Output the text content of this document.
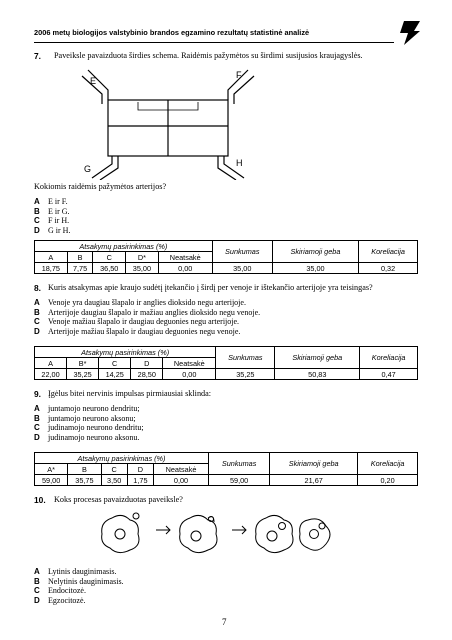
2006 metų biologijos valstybinio brandos egzamino rezultatų statistinė analizė
7. Paveiksle pavaizduota širdies schema. Raidėmis pažymėtos su širdimi susijusios kraujagyslės.
E
F
G
H
Kokiomis raidėmis pažymėtos arterijos?
A E ir F.
B E ir G.
C F ir H.
D G ir H.
Atsakymų pasirinkimas (%)					Sunkumas	Skiriamoji geba	Koreliacija
A	B	C	D*	Neatsakė			
18,75	7,75	36,50	35,00	0,00	35,00	35,00	0,32
8. Kuris atsakymas apie kraujo sudėtį įtekančio į širdį per venoje ir ištekančio arterijoje yra teisingas?
A Venoje yra daugiau šlapalo ir anglies dioksido negu arterijoje.
B Arterijoje daugiau šlapalo ir mažiau anglies dioksido negu venoje.
C Venoje mažiau šlapalo ir daugiau deguonies negu arterijoje.
D Arterijoje mažiau šlapalo ir daugiau deguonies negu venoje.
Atsakymų pasirinkimas (%)					Sunkumas	Skiriamoji geba	Koreliacija
A	B*	C	D	Neatsakė			
22,00	35,25	14,25	28,50	0,00	35,25	50,83	0,47
9. Įgėlus bitei nervinis impulsas pirmiausiai sklinda:
A juntamojo neurono dendritu;
B juntamojo neurono aksonu;
C judinamojo neurono dendritu;
D judinamojo neurono aksonu.
Atsakymų pasirinkimas (%)					Sunkumas	Skiriamoji geba	Koreliacija
A*	B	C	D	Neatsakė			
59,00	35,75	3,50	1,75	0,00	59,00	21,67	0,20
10. Koks procesas pavaizduotas paveiksle?
A Lytinis dauginimasis.
B Nelytinis dauginimasis.
C Endocitozė.
D Egzocitozė.
7
